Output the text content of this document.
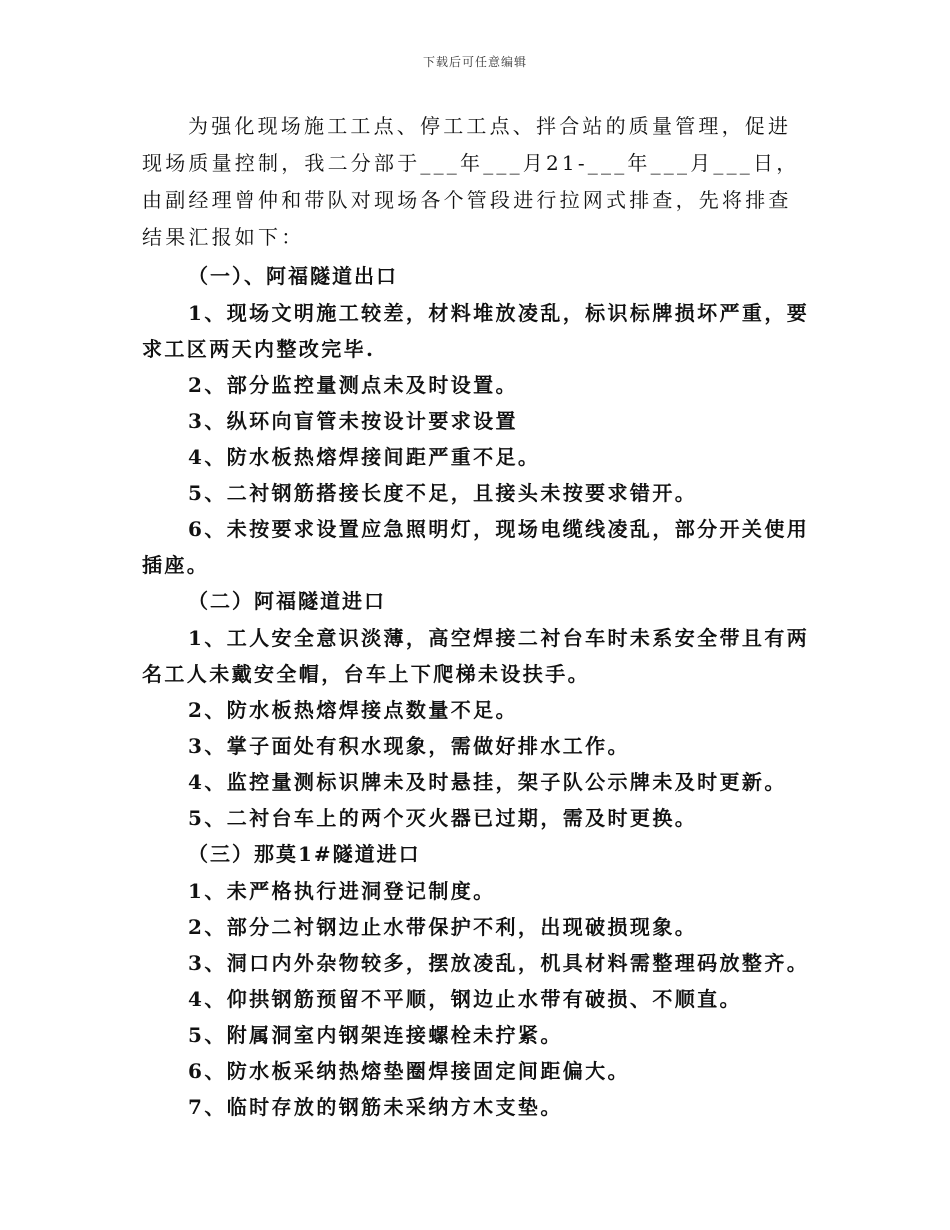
下载后可任意编辑

为强化现场施工工点、停工工点、拌合站的质量管理，促进现场质量控制，我二分部于___年___月21-___年___月___日，由副经理曾仲和带队对现场各个管段进行拉网式排查，先将排查结果汇报如下：

（一）、阿福隧道出口

1、现场文明施工较差，材料堆放凌乱，标识标牌损坏严重，要求工区两天内整改完毕.

2、部分监控量测点未及时设置。

3、纵环向盲管未按设计要求设置

4、防水板热熔焊接间距严重不足。

5、二衬钢筋搭接长度不足，且接头未按要求错开。

6、未按要求设置应急照明灯，现场电缆线凌乱，部分开关使用插座。

（二）阿福隧道进口

1、工人安全意识淡薄，高空焊接二衬台车时未系安全带且有两名工人未戴安全帽，台车上下爬梯未设扶手。

2、防水板热熔焊接点数量不足。

3、掌子面处有积水现象，需做好排水工作。

4、监控量测标识牌未及时悬挂，架子队公示牌未及时更新。

5、二衬台车上的两个灭火器已过期，需及时更换。

（三）那莫1#隧道进口

1、未严格执行进洞登记制度。

2、部分二衬钢边止水带保护不利，出现破损现象。

3、洞口内外杂物较多，摆放凌乱，机具材料需整理码放整齐。

4、仰拱钢筋预留不平顺，钢边止水带有破损、不顺直。

5、附属洞室内钢架连接螺栓未拧紧。

6、防水板采纳热熔垫圈焊接固定间距偏大。

7、临时存放的钢筋未采纳方木支垫。
